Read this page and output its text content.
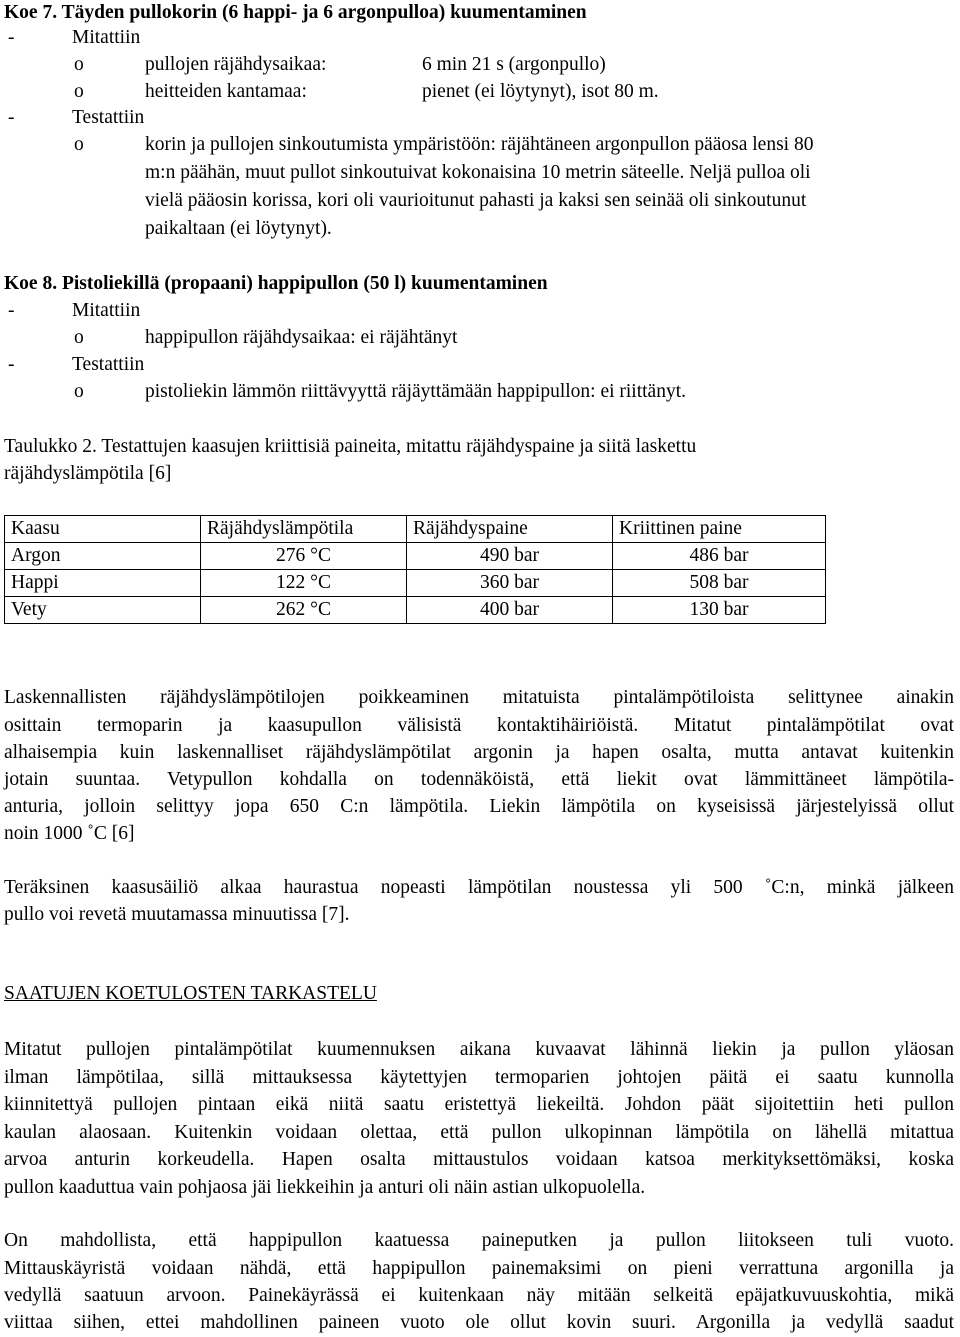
Koe 7. Täyden pullokorin (6 happi- ja 6 argonpulloa) kuumentaminen
-	Mitattiin
o	pullojen räjähdysaikaa:	6 min 21 s (argonpullo)
o	heitteiden kantamaa:	pienet (ei löytynyt), isot 80 m.
-	Testattiin
o	korin ja pullojen sinkoutumista ympäristöön: räjähtäneen argonpullon pääosa lensi 80
m:n päähän, muut pullot sinkoutuivat kokonaisina 10 metrin säteelle. Neljä pulloa oli
vielä pääosin korissa, kori oli vaurioitunut pahasti ja kaksi sen seinää oli sinkoutunut
paikaltaan (ei löytynyt).
Koe 8. Pistoliekillä (propaani) happipullon (50 l) kuumentaminen
-	Mitattiin
o	happipullon räjähdysaikaa: ei räjähtänyt
-	Testattiin
o	pistoliekin lämmön riittävyyttä räjäyttämään happipullon: ei riittänyt.
Taulukko 2. Testattujen kaasujen kriittisiä paineita, mitattu räjähdyspaine ja siitä laskettu
räjähdyslämpötila [6]
Kaasu	Räjähdyslämpötila	Räjähdyspaine	Kriittinen paine
Argon	276 °C	490 bar	486 bar
Happi	122 °C	360 bar	508 bar
Vety	262 °C	400 bar	130 bar
Laskennallisten räjähdyslämpötilojen poikkeaminen mitatuista pintalämpötiloista selittynee ainakin
osittain termoparin ja kaasupullon välisistä kontaktihäiriöistä. Mitatut pintalämpötilat ovat
alhaisempia kuin laskennalliset räjähdyslämpötilat argonin ja hapen osalta, mutta antavat kuitenkin
jotain suuntaa. Vetypullon kohdalla on todennäköistä, että liekit ovat lämmittäneet lämpötila-
anturia, jolloin selittyy jopa 650 C:n lämpötila. Liekin lämpötila on kyseisissä järjestelyissä ollut
noin 1000 ˚C [6]
Teräksinen kaasusäiliö alkaa haurastua nopeasti lämpötilan noustessa yli 500 ˚C:n, minkä jälkeen
pullo voi revetä muutamassa minuutissa [7].
SAATUJEN KOETULOSTEN TARKASTELU
Mitatut pullojen pintalämpötilat kuumennuksen aikana kuvaavat lähinnä liekin ja pullon yläosan
ilman lämpötilaa, sillä mittauksessa käytettyjen termoparien johtojen päitä ei saatu kunnolla
kiinnitettyä pullojen pintaan eikä niitä saatu eristettyä liekeiltä. Johdon päät sijoitettiin heti pullon
kaulan alaosaan. Kuitenkin voidaan olettaa, että pullon ulkopinnan lämpötila on lähellä mitattua
arvoa anturin korkeudella. Hapen osalta mittaustulos voidaan katsoa merkityksettömäksi, koska
pullon kaaduttua vain pohjaosa jäi liekkeihin ja anturi oli näin astian ulkopuolella.
On mahdollista, että happipullon kaatuessa paineputken ja pullon liitokseen tuli vuoto.
Mittauskäyristä voidaan nähdä, että happipullon painemaksimi on pieni verrattuna argonilla ja
vedyllä saatuun arvoon. Painekäyrässä ei kuitenkaan näy mitään selkeitä epäjatkuvuuskohtia, mikä
viittaa siihen, ettei mahdollinen paineen vuoto ole ollut kovin suuri. Argonilla ja vedyllä saadut
